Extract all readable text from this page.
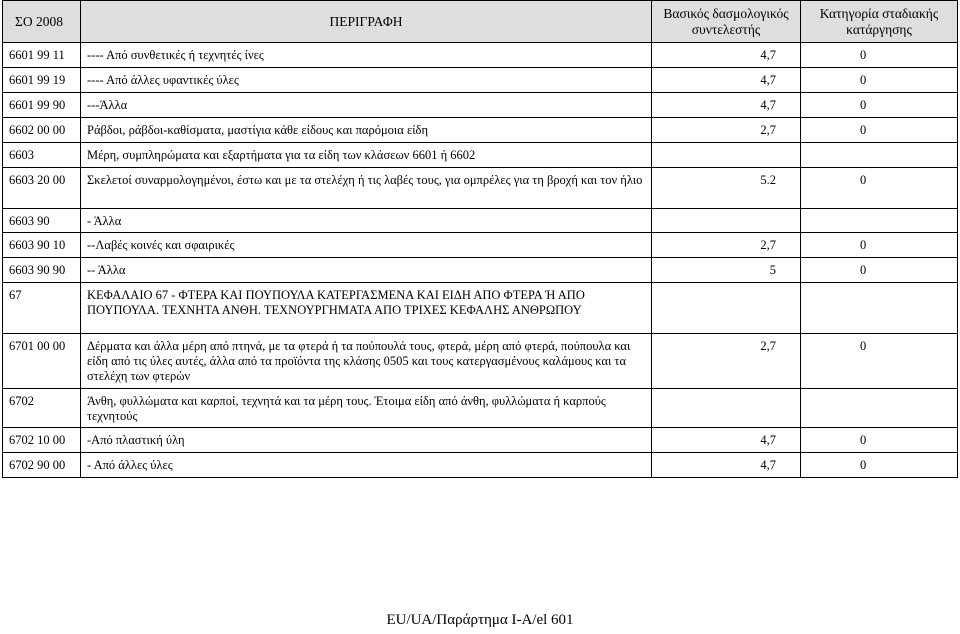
ΣΟ 2008	ΠΕΡΙΓΡΑΦΗ	Βασικός δασμολογικός συντελεστής	Κατηγορία σταδιακής κατάργησης
6601 99 11	---- Από συνθετικές ή τεχνητές ίνες	4,7	0
6601 99 19	---- Από άλλες υφαντικές ύλες	4,7	0
6601 99 90	---Άλλα	4,7	0
6602 00 00	Ράβδοι, ράβδοι-καθίσματα, μαστίγια κάθε είδους και παρόμοια είδη	2,7	0
6603	Μέρη, συμπληρώματα και εξαρτήματα για τα είδη των κλάσεων 6601 ή 6602		
6603 20 00	Σκελετοί συναρμολογημένοι, έστω και με τα στελέχη ή τις λαβές τους, για ομπρέλες για τη βροχή και τον ήλιο	5.2	0
6603 90	- Άλλα		
6603 90 10	--Λαβές κοινές και σφαιρικές	2,7	0
6603 90 90	-- Άλλα	5	0
67	ΚΕΦΑΛΑΙΟ 67 - ΦΤΕΡΑ ΚΑΙ ΠΟΥΠΟΥΛΑ ΚΑΤΕΡΓΑΣΜΕΝΑ ΚΑΙ ΕΙΔΗ ΑΠΟ ΦΤΕΡΑ Ή ΑΠΟ ΠΟΥΠΟΥΛΑ. ΤΕΧΝΗΤΑ ΑΝΘΗ. ΤΕΧΝΟΥΡΓΗΜΑΤΑ ΑΠΟ ΤΡΙΧΕΣ ΚΕΦΑΛΗΣ ΑΝΘΡΩΠΟΥ		
6701 00 00	Δέρματα και άλλα μέρη από πτηνά, με τα φτερά ή τα πούπουλά τους, φτερά, μέρη από φτερά, πούπουλα και είδη από τις ύλες αυτές, άλλα από τα προϊόντα της κλάσης 0505 και τους κατεργασμένους καλάμους και τα στελέχη των φτερών	2,7	0
6702	Άνθη, φυλλώματα και καρποί, τεχνητά και τα μέρη τους. Έτοιμα είδη από άνθη, φυλλώματα ή καρπούς τεχνητούς		
6702 10 00	-Από πλαστική ύλη	4,7	0
6702 90 00	- Από άλλες ύλες	4,7	0
EU/UA/Παράρτημα I-A/el 601
